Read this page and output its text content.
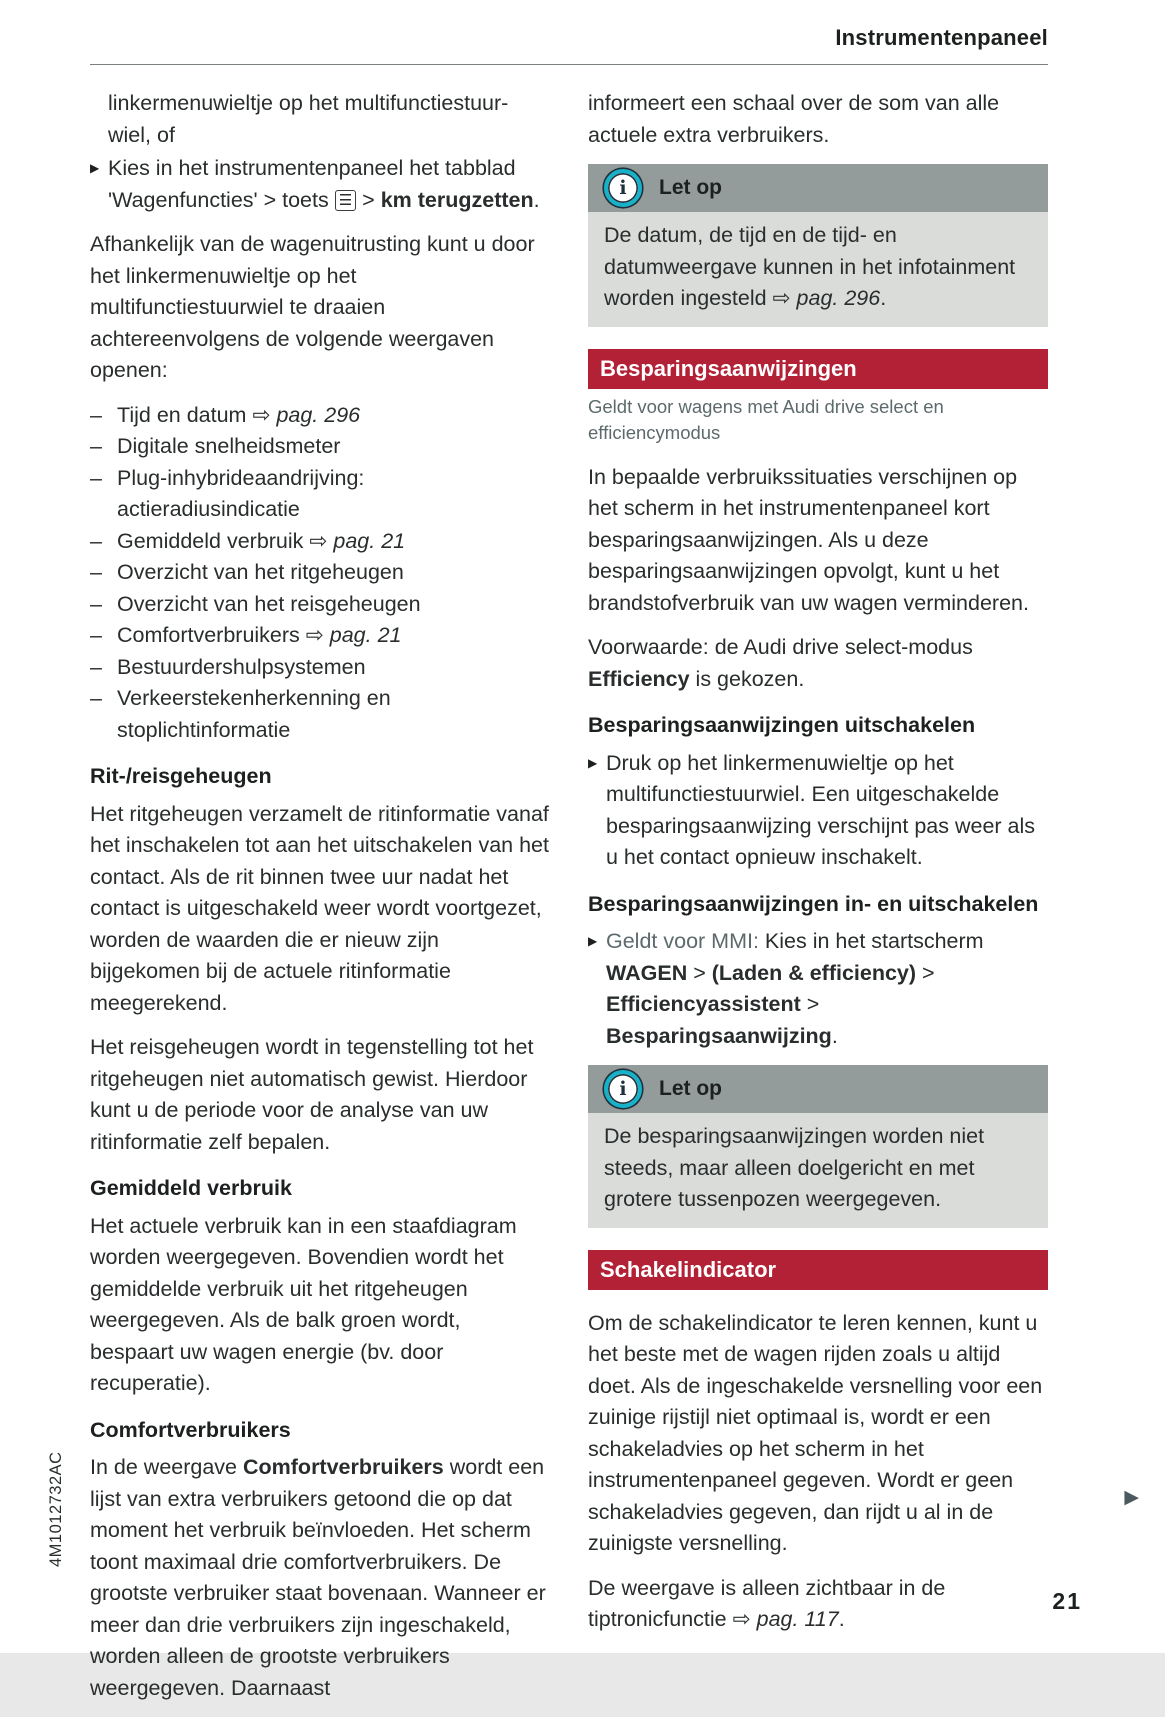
Instrumentenpaneel

linkermenuwieltje op het multifunctiestuur-

wiel, of

▶ Kies in het instrumentenpaneel het tabblad 'Wagenfuncties' > toets ☰ > km terugzetten.

Afhankelijk van de wagenuitrusting kunt u door het linkermenuwieltje op het multifunctiestuurwiel te draaien achtereenvolgens de volgende weergaven openen:

– Tijd en datum ⇨ pag. 296
– Digitale snelheidsmeter
– Plug-inhybrideaandrijving: actieradiusindicatie
– Gemiddeld verbruik ⇨ pag. 21
– Overzicht van het ritgeheugen
– Overzicht van het reisgeheugen
– Comfortverbruikers ⇨ pag. 21
– Bestuurdershulpsystemen
– Verkeerstekenherkenning en stoplichtinformatie
Rit-/reisgeheugen

Het ritgeheugen verzamelt de ritinformatie vanaf het inschakelen tot aan het uitschakelen van het contact. Als de rit binnen twee uur nadat het contact is uitgeschakeld weer wordt voortgezet, worden de waarden die er nieuw zijn bijgekomen bij de actuele ritinformatie meegerekend.

Het reisgeheugen wordt in tegenstelling tot het ritgeheugen niet automatisch gewist. Hierdoor kunt u de periode voor de analyse van uw ritinformatie zelf bepalen.

Gemiddeld verbruik

Het actuele verbruik kan in een staafdiagram worden weergegeven. Bovendien wordt het gemiddelde verbruik uit het ritgeheugen weergegeven. Als de balk groen wordt, bespaart uw wagen energie (bv. door recuperatie).

Comfortverbruikers

In de weergave Comfortverbruikers wordt een lijst van extra verbruikers getoond die op dat moment het verbruik beïnvloeden. Het scherm toont maximaal drie comfortverbruikers. De grootste verbruiker staat bovenaan. Wanneer er meer dan drie verbruikers zijn ingeschakeld, worden alleen de grootste verbruikers weergegeven. Daarnaast

informeert een schaal over de som van alle actuele extra verbruikers.

i	Let op
De datum, de tijd en de tijd- en datumweergave kunnen in het infotainment worden ingesteld ⇨ pag. 296.
Besparingsaanwijzingen
Geldt voor wagens met Audi drive select en efficiencymodus

In bepaalde verbruikssituaties verschijnen op het scherm in het instrumentenpaneel kort besparingsaanwijzingen. Als u deze besparingsaanwijzingen opvolgt, kunt u het brandstofverbruik van uw wagen verminderen.

Voorwaarde: de Audi drive select-modus Efficiency is gekozen.

Besparingsaanwijzingen uitschakelen
▶ Druk op het linkermenuwieltje op het multifunctiestuurwiel. Een uitgeschakelde besparingsaanwijzing verschijnt pas weer als u het contact opnieuw inschakelt.
Besparingsaanwijzingen in- en uitschakelen
▶ Geldt voor MMI: Kies in het startscherm WAGEN > (Laden & efficiency) > Efficiencyassistent > Besparingsaanwijzing.
i	Let op
De besparingsaanwijzingen worden niet steeds, maar alleen doelgericht en met grotere tussenpozen weergegeven.
Schakelindicator

Om de schakelindicator te leren kennen, kunt u het beste met de wagen rijden zoals u altijd doet. Als de ingeschakelde versnelling voor een zuinige rijstijl niet optimaal is, wordt er een schakeladvies op het scherm in het instrumentenpaneel gegeven. Wordt er geen schakeladvies gegeven, dan rijdt u al in de zuinigste versnelling.

De weergave is alleen zichtbaar in de tiptronicfunctie ⇨ pag. 117.

▶
21
4M1012732AC
